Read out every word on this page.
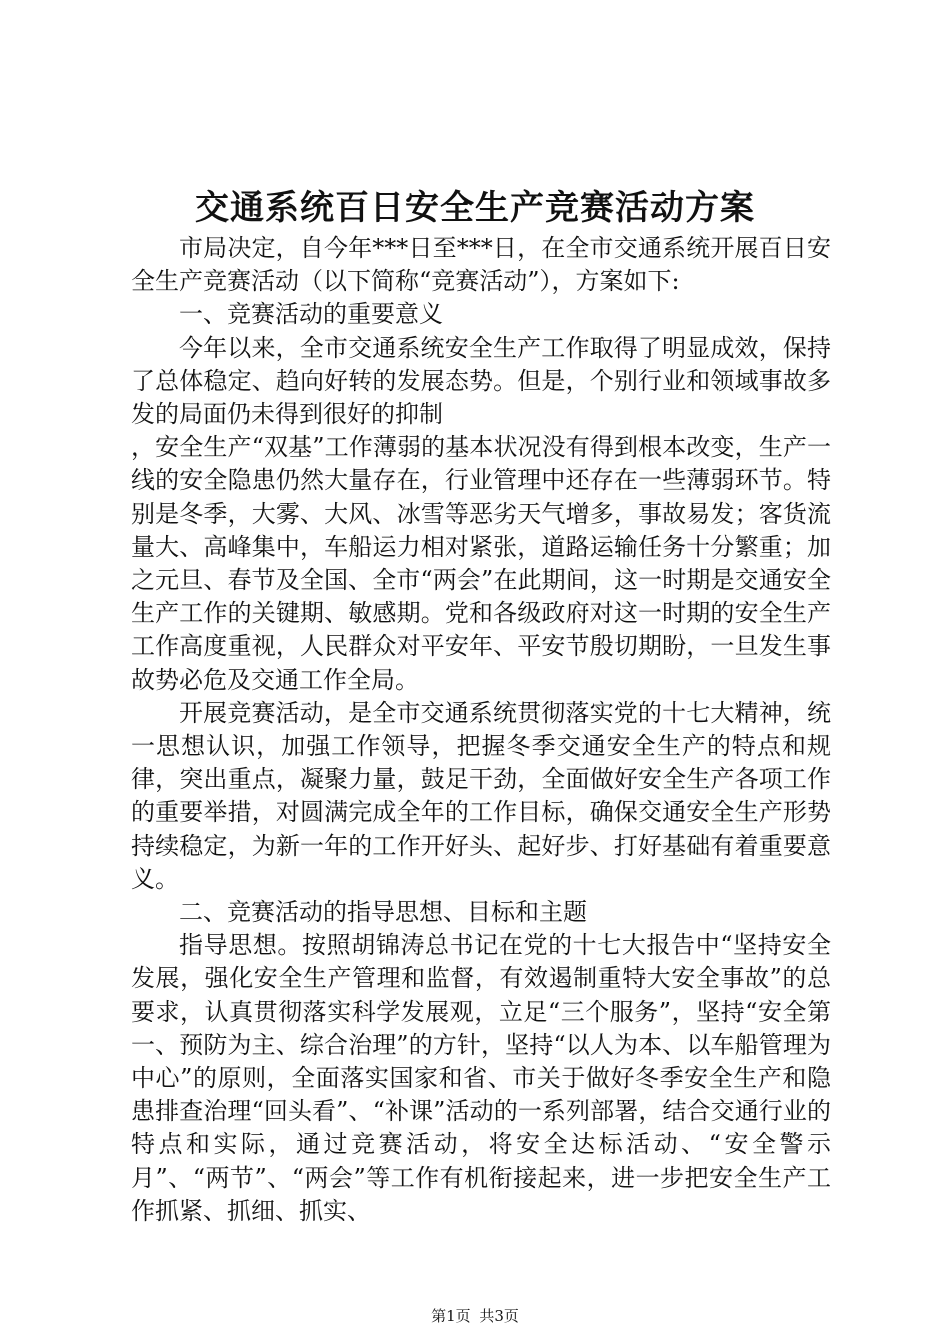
交通系统百日安全生产竞赛活动方案

市局决定，自今年***日至***日，在全市交通系统开展百日安全生产竞赛活动（以下简称“竞赛活动”），方案如下:

一、竞赛活动的重要意义

今年以来，全市交通系统安全生产工作取得了明显成效，保持了总体稳定、趋向好转的发展态势。但是，个别行业和领域事故多发的局面仍未得到很好的抑制

，安全生产“双基”工作薄弱的基本状况没有得到根本改变，生产一线的安全隐患仍然大量存在，行业管理中还存在一些薄弱环节。特别是冬季，大雾、大风、冰雪等恶劣天气增多，事故易发；客货流量大、高峰集中，车船运力相对紧张，道路运输任务十分繁重；加之元旦、春节及全国、全市“两会”在此期间，这一时期是交通安全生产工作的关键期、敏感期。党和各级政府对这一时期的安全生产工作高度重视，人民群众对平安年、平安节殷切期盼，一旦发生事故势必危及交通工作全局。

开展竞赛活动，是全市交通系统贯彻落实党的十七大精神，统一思想认识，加强工作领导，把握冬季交通安全生产的特点和规律，突出重点，凝聚力量，鼓足干劲，全面做好安全生产各项工作的重要举措，对圆满完成全年的工作目标，确保交通安全生产形势持续稳定，为新一年的工作开好头、起好步、打好基础有着重要意义。

二、竞赛活动的指导思想、目标和主题

指导思想。按照胡锦涛总书记在党的十七大报告中“坚持安全发展，强化安全生产管理和监督，有效遏制重特大安全事故”的总要求，认真贯彻落实科学发展观，立足“三个服务”，坚持“安全第一、预防为主、综合治理”的方针，坚持“以人为本、以车船管理为中心”的原则，全面落实国家和省、市关于做好冬季安全生产和隐患排查治理“回头看”、“补课”活动的一系列部署，结合交通行业的特点和实际，通过竞赛活动，将安全达标活动、“安全警示月”、“两节”、“两会”等工作有机衔接起来，进一步把安全生产工作抓紧、抓细、抓实、

第1页 共3页
